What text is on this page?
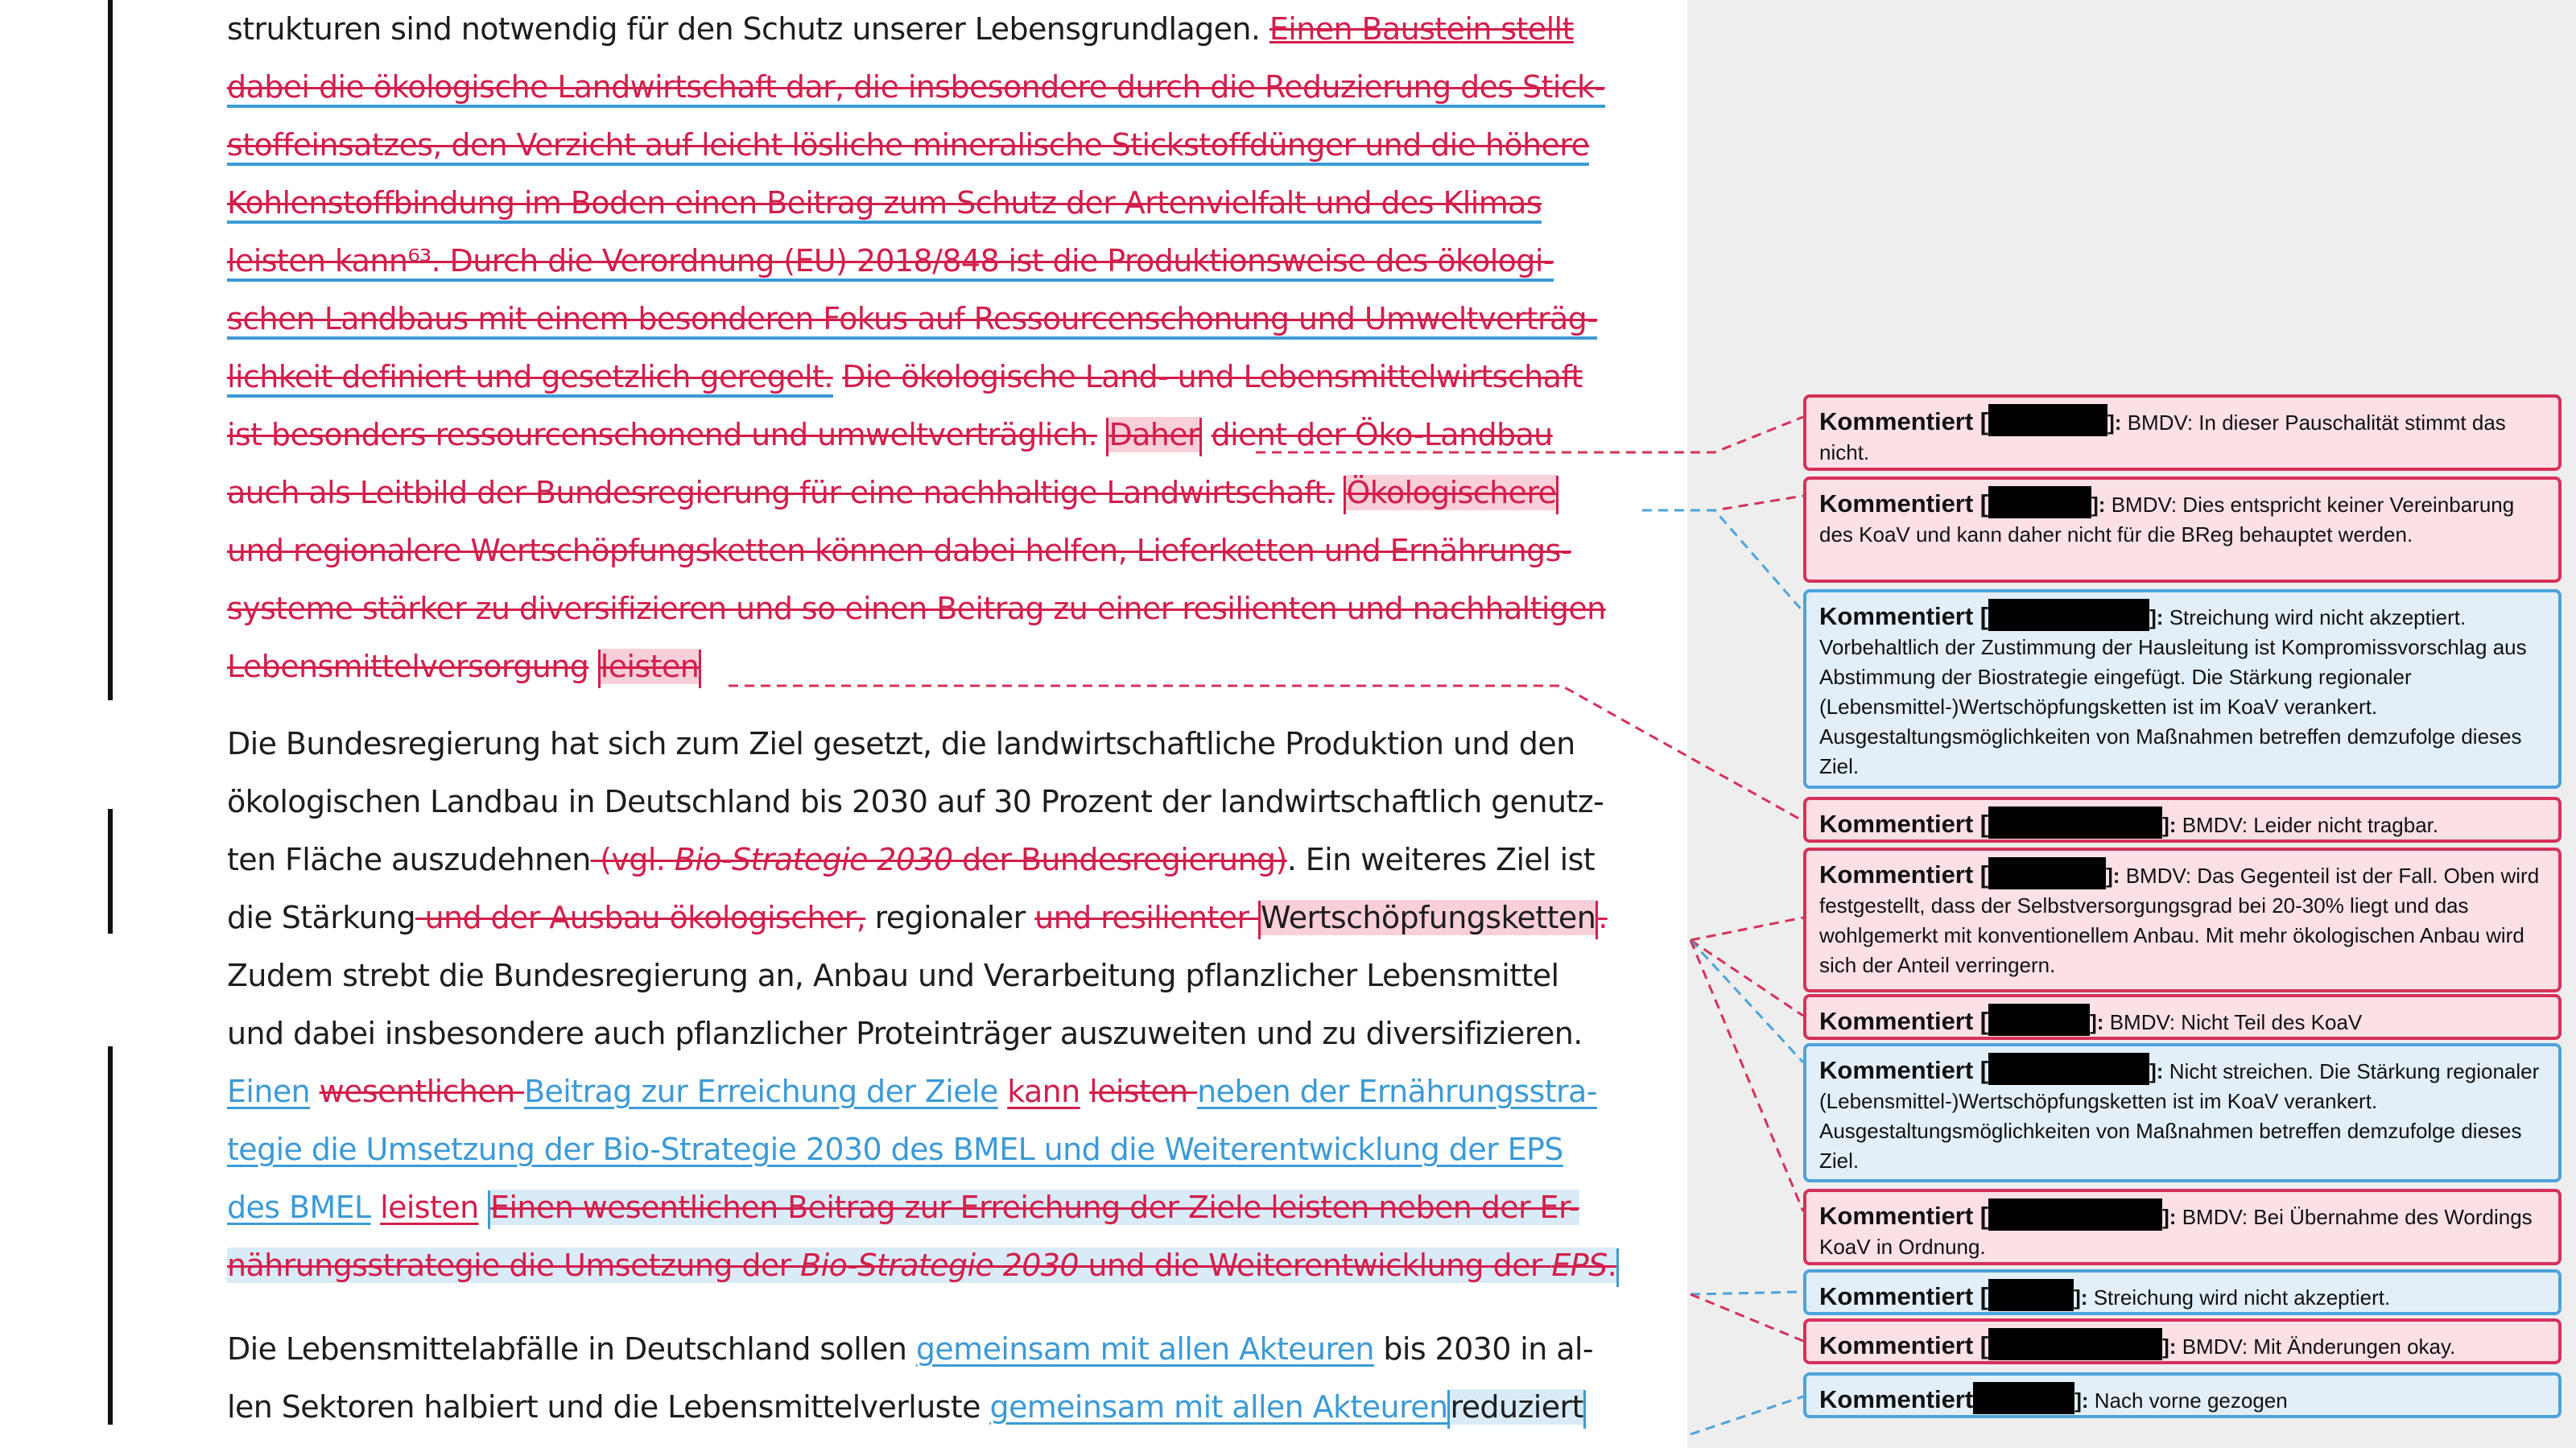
strukturen sind notwendig für den Schutz unserer Lebensgrundlagen. Einen Baustein stellt
dabei die ökologische Landwirtschaft dar, die insbesondere durch die Reduzierung des Stick-
stoffeinsatzes, den Verzicht auf leicht lösliche mineralische Stickstoffdünger und die höhere
Kohlenstoffbindung im Boden einen Beitrag zum Schutz der Artenvielfalt und des Klimas
leisten kann⁶³. Durch die Verordnung (EU) 2018/848 ist die Produktionsweise des ökologi-
schen Landbaus mit einem besonderen Fokus auf Ressourcenschonung und Umweltverträg-
lichkeit definiert und gesetzlich geregelt. Die ökologische Land- und Lebensmittelwirtschaft
ist besonders ressourcenschonend und umweltverträglich. Daher dient der Öko-Landbau
auch als Leitbild der Bundesregierung für eine nachhaltige Landwirtschaft. Ökologischere
und regionalere Wertschöpfungsketten können dabei helfen, Lieferketten und Ernährungs-
systeme stärker zu diversifizieren und so einen Beitrag zu einer resilienten und nachhaltigen
Lebensmittelversorgung leisten
Die Bundesregierung hat sich zum Ziel gesetzt, die landwirtschaftliche Produktion und den
ökologischen Landbau in Deutschland bis 2030 auf 30 Prozent der landwirtschaftlich genutz-
ten Fläche auszudehnen (vgl. Bio-Strategie 2030 der Bundesregierung). Ein weiteres Ziel ist
die Stärkung und der Ausbau ökologischer, regionaler und resilienter Wertschöpfungsketten.
Zudem strebt die Bundesregierung an, Anbau und Verarbeitung pflanzlicher Lebensmittel
und dabei insbesondere auch pflanzlicher Proteinträger auszuweiten und zu diversifizieren.
Einen wesentlichen Beitrag zur Erreichung der Ziele kann leisten neben der Ernährungsstra-
tegie die Umsetzung der Bio-Strategie 2030 des BMEL und die Weiterentwicklung der EPS
des BMEL leisten Einen wesentlichen Beitrag zur Erreichung der Ziele leisten neben der Er-
nährungsstrategie die Umsetzung der Bio-Strategie 2030 und die Weiterentwicklung der EPS.
Die Lebensmittelabfälle in Deutschland sollen gemeinsam mit allen Akteuren bis 2030 in al-
len Sektoren halbiert und die Lebensmittelverluste gemeinsam mit allen Akteurenreduziert
Kommentiert [	]: BMDV: In dieser Pauschalität stimmt das nicht.
Kommentiert [	]: BMDV: Dies entspricht keiner Vereinbarung des KoaV und kann daher nicht für die BReg behauptet werden.
Kommentiert [	]: Streichung wird nicht akzeptiert. Vorbehaltlich der Zustimmung der Hausleitung ist Kompromissvorschlag aus Abstimmung der Biostrategie eingefügt. Die Stärkung regionaler (Lebensmittel-)Wertschöpfungsketten ist im KoaV verankert. Ausgestaltungsmöglichkeiten von Maßnahmen betreffen demzufolge dieses Ziel.
Kommentiert [	]: BMDV: Leider nicht tragbar.
Kommentiert [	]: BMDV: Das Gegenteil ist der Fall. Oben wird festgestellt, dass der Selbstversorgungsgrad bei 20-30% liegt und das wohlgemerkt mit konventionellem Anbau. Mit mehr ökologischen Anbau wird sich der Anteil verringern.
Kommentiert [	]: BMDV: Nicht Teil des KoaV
Kommentiert [	]: Nicht streichen. Die Stärkung regionaler (Lebensmittel-)Wertschöpfungsketten ist im KoaV verankert. Ausgestaltungsmöglichkeiten von Maßnahmen betreffen demzufolge dieses Ziel.
Kommentiert [	]: BMDV: Bei Übernahme des Wordings KoaV in Ordnung.
Kommentiert [	]: Streichung wird nicht akzeptiert.
Kommentiert [	]: BMDV: Mit Änderungen okay.
Kommentiert	]: Nach vorne gezogen
